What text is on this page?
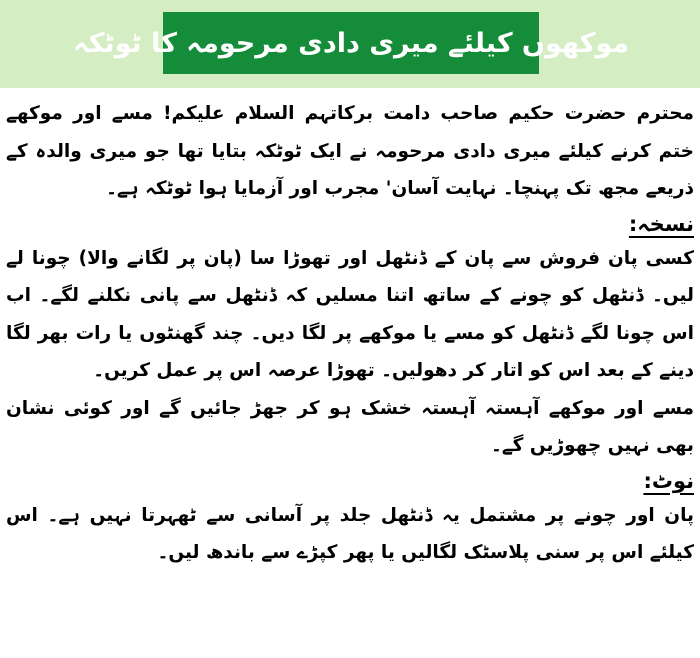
موکھوں کیلئے میری دادی مرحومہ کا ٹوٹکہ

محترم حضرت حکیم صاحب دامت برکاتہم السلام علیکم! مسے اور موکھے ختم کرنے کیلئے میری دادی مرحومہ نے ایک ٹوٹکہ بتایا تھا جو میری والدہ کے ذریعے مجھ تک پہنچا۔ نہایت آسان' مجرب اور آزمایا ہوا ٹوٹکہ ہے۔

نسخہ:

کسی پان فروش سے پان کے ڈنٹھل اور تھوڑا سا (پان پر لگانے والا) چونا لے لیں۔ ڈنٹھل کو چونے کے ساتھ اتنا مسلیں کہ ڈنٹھل سے پانی نکلنے لگے۔ اب اس چونا لگے ڈنٹھل کو مسے یا موکھے پر لگا دیں۔ چند گھنٹوں یا رات بھر لگا دینے کے بعد اس کو اتار کر دھولیں۔ تھوڑا عرصہ اس پر عمل کریں۔

مسے اور موکھے آہستہ آہستہ خشک ہو کر جھڑ جائیں گے اور کوئی نشان بھی نہیں چھوڑیں گے۔

نوٹ:

پان اور چونے پر مشتمل یہ ڈنٹھل جلد پر آسانی سے ٹھہرتا نہیں ہے۔ اس کیلئے اس پر سنی پلاسٹک لگالیں یا پھر کپڑے سے باندھ لیں۔
